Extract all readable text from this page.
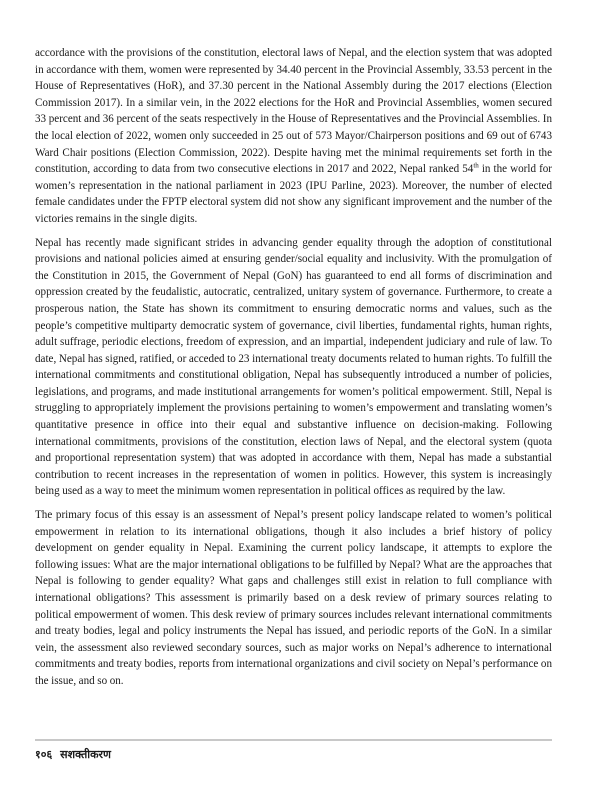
accordance with the provisions of the constitution, electoral laws of Nepal, and the election system that was adopted in accordance with them, women were represented by 34.40 percent in the Provincial Assembly, 33.53 percent in the House of Representatives (HoR), and 37.30 percent in the National Assembly during the 2017 elections (Election Commission 2017). In a similar vein, in the 2022 elections for the HoR and Provincial Assemblies, women secured 33 percent and 36 percent of the seats respectively in the House of Representatives and the Provincial Assemblies. In the local election of 2022, women only succeeded in 25 out of 573 Mayor/Chairperson positions and 69 out of 6743 Ward Chair positions (Election Commission, 2022). Despite having met the minimal requirements set forth in the constitution, according to data from two consecutive elections in 2017 and 2022, Nepal ranked 54th in the world for women’s representation in the national parliament in 2023 (IPU Parline, 2023). Moreover, the number of elected female candidates under the FPTP electoral system did not show any significant improvement and the number of the victories remains in the single digits.

Nepal has recently made significant strides in advancing gender equality through the adoption of constitutional provisions and national policies aimed at ensuring gender/social equality and inclusivity. With the promulgation of the Constitution in 2015, the Government of Nepal (GoN) has guaranteed to end all forms of discrimination and oppression created by the feudalistic, autocratic, centralized, unitary system of governance. Furthermore, to create a prosperous nation, the State has shown its commitment to ensuring democratic norms and values, such as the people’s competitive multiparty democratic system of governance, civil liberties, fundamental rights, human rights, adult suffrage, periodic elections, freedom of expression, and an impartial, independent judiciary and rule of law. To date, Nepal has signed, ratified, or acceded to 23 international treaty documents related to human rights. To fulfill the international commitments and constitutional obligation, Nepal has subsequently introduced a number of policies, legislations, and programs, and made institutional arrangements for women’s political empowerment. Still, Nepal is struggling to appropriately implement the provisions pertaining to women’s empowerment and translating women’s quantitative presence in office into their equal and substantive influence on decision-making. Following international commitments, provisions of the constitution, election laws of Nepal, and the electoral system (quota and proportional representation system) that was adopted in accordance with them, Nepal has made a substantial contribution to recent increases in the representation of women in politics. However, this system is increasingly being used as a way to meet the minimum women representation in political offices as required by the law.

The primary focus of this essay is an assessment of Nepal’s present policy landscape related to women’s political empowerment in relation to its international obligations, though it also includes a brief history of policy development on gender equality in Nepal. Examining the current policy landscape, it attempts to explore the following issues: What are the major international obligations to be fulfilled by Nepal? What are the approaches that Nepal is following to gender equality? What gaps and challenges still exist in relation to full compliance with international obligations? This assessment is primarily based on a desk review of primary sources relating to political empowerment of women. This desk review of primary sources includes relevant international commitments and treaty bodies, legal and policy instruments the Nepal has issued, and periodic reports of the GoN. In a similar vein, the assessment also reviewed secondary sources, such as major works on Nepal’s adherence to international commitments and treaty bodies, reports from international organizations and civil society on Nepal’s performance on the issue, and so on.

१०६ सशक्तीकरण
